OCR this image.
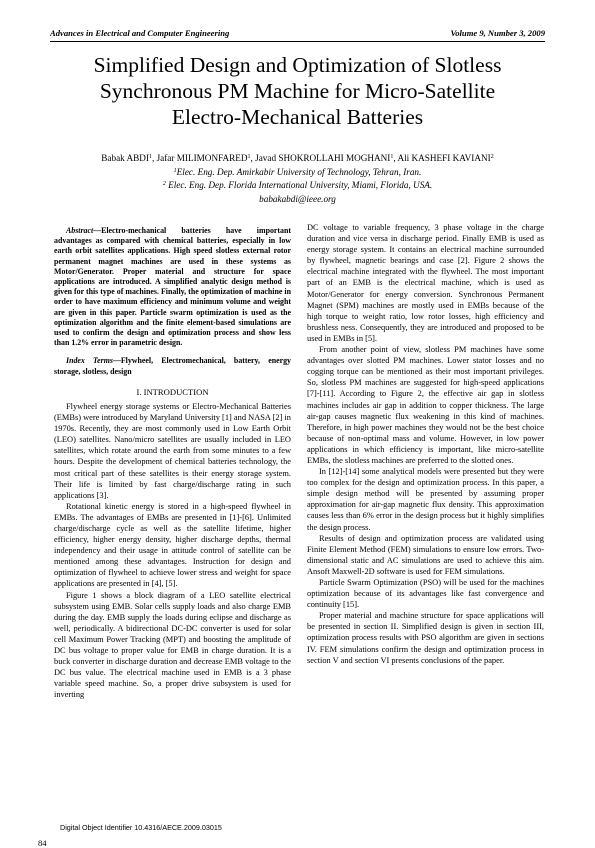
Advances in Electrical and Computer Engineering	Volume 9, Number 3, 2009
Simplified Design and Optimization of Slotless
Synchronous PM Machine for Micro-Satellite
Electro-Mechanical Batteries
Babak ABDI$^1$, Jafar MILIMONFARED$^1$, Javad SHOKROLLAHI MOGHANI$^1$, Ali KASHEFI KAVIANI$^2$
$^1$Elec. Eng. Dep. Amirkabir University of Technology, Tehran, Iran.
$^2$ Elec. Eng. Dep. Florida International University, Miami, Florida, USA.
babakabdi@ieee.org

Abstract—Electro-mechanical batteries have important advantages as compared with chemical batteries, especially in low earth orbit satellites applications. High speed slotless external rotor permanent magnet machines are used in these systems as Motor/Generator. Proper material and structure for space applications are introduced. A simplified analytic design method is given for this type of machines. Finally, the optimization of machine in order to have maximum efficiency and minimum volume and weight are given in this paper. Particle swarm optimization is used as the optimization algorithm and the finite element-based simulations are used to confirm the design and optimization process and show less than 1.2% error in parametric design.

Index Terms—Flywheel, Electromechanical, battery, energy storage, slotless, design

I. INTRODUCTION

Flywheel energy storage systems or Electro-Mechanical Batteries (EMBs) were introduced by Maryland University [1] and NASA [2] in 1970s. Recently, they are most commonly used in Low Earth Orbit (LEO) satellites. Nano/micro satellites are usually included in LEO satellites, which rotate around the earth from some minutes to a few hours. Despite the development of chemical batteries technology, the most critical part of these satellites is their energy storage system. Their life is limited by fast charge/discharge rating in such applications [3].

Rotational kinetic energy is stored in a high-speed flywheel in EMBs. The advantages of EMBs are presented in [1]-[6]. Unlimited charge/discharge cycle as well as the satellite lifetime, higher efficiency, higher energy density, higher discharge depths, thermal independency and their usage in attitude control of satellite can be mentioned among these advantages. Instruction for design and optimization of flywheel to achieve lower stress and weight for space applications are presented in [4], [5].

Figure 1 shows a block diagram of a LEO satellite electrical subsystem using EMB. Solar cells supply loads and also charge EMB during the day. EMB supply the loads during eclipse and discharge as well, periodically. A bidirectional DC-DC converter is used for solar cell Maximum Power Tracking (MPT) and boosting the amplitude of DC bus voltage to proper value for EMB in charge duration. It is a buck converter in discharge duration and decrease EMB voltage to the DC bus value. The electrical machine used in EMB is a 3 phase variable speed machine. So, a proper drive subsystem is used for inverting

DC voltage to variable frequency, 3 phase voltage in the charge duration and vice versa in discharge period. Finally EMB is used as energy storage system. It contains an electrical machine surrounded by flywheel, magnetic bearings and case [2]. Figure 2 shows the electrical machine integrated with the flywheel. The most important part of an EMB is the electrical machine, which is used as Motor/Generator for energy conversion. Synchronous Permanent Magnet (SPM) machines are mostly used in EMBs because of the high torque to weight ratio, low rotor losses, high efficiency and brushless ness. Consequently, they are introduced and proposed to be used in EMBs in [5].

From another point of view, slotless PM machines have some advantages over slotted PM machines. Lower stator losses and no cogging torque can be mentioned as their most important privileges. So, slotless PM machines are suggested for high-speed applications [7]-[11]. According to Figure 2, the effective air gap in slotless machines includes air gap in addition to copper thickness. The large air-gap causes magnetic flux weakening in this kind of machines. Therefore, in high power machines they would not be the best choice because of non-optimal mass and volume. However, in low power applications in which efficiency is important, like micro-satellite EMBs, the slotless machines are preferred to the slotted ones.

In [12]-[14] some analytical models were presented but they were too complex for the design and optimization process. In this paper, a simple design method will be presented by assuming proper approximation for air-gap magnetic flux density. This approximation causes less than 6% error in the design process but it highly simplifies the design process.

Results of design and optimization process are validated using Finite Element Method (FEM) simulations to ensure low errors. Two-dimensional static and AC simulations are used to achieve this aim. Ansoft Maxwell-2D software is used for FEM simulations.

Particle Swarm Optimization (PSO) will be used for the machines optimization because of its advantages like fast convergence and continuity [15].

Proper material and machine structure for space applications will be presented in section II. Simplified design is given in section III, optimization process results with PSO algorithm are given in sections IV. FEM simulations confirm the design and optimization process in section V and section VI presents conclusions of the paper.

Digital Object Identifier 10.4316/AECE.2009.03015
84
